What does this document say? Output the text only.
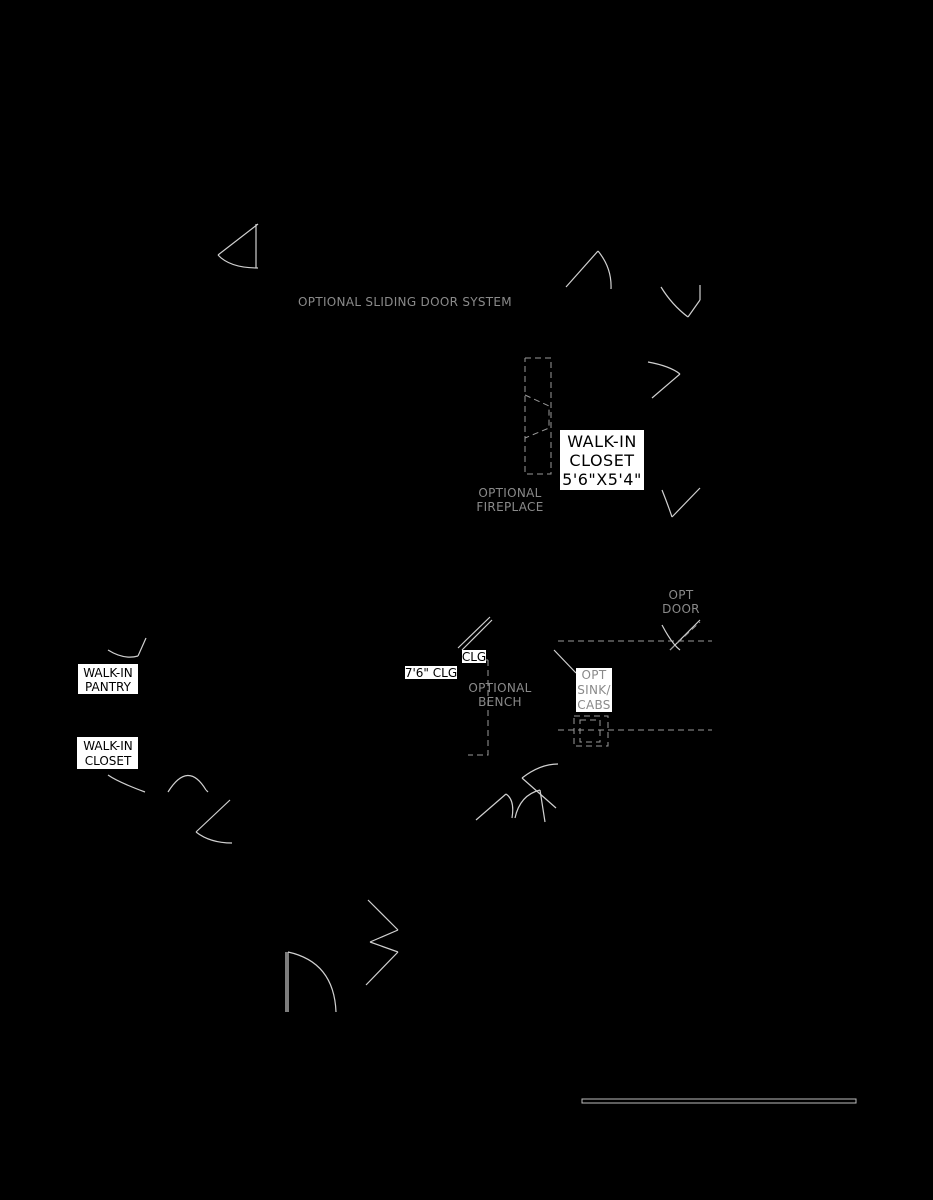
OPTIONAL SLIDING DOOR SYSTEM
WALK-IN
CLOSET
5'6"X5'4"
OPTIONAL
FIREPLACE
OPT
DOOR
WALK-IN
PANTRY
WALK-IN
CLOSET
CLG
7'6" CLG
OPTIONAL
BENCH
OPT
SINK/
CABS
